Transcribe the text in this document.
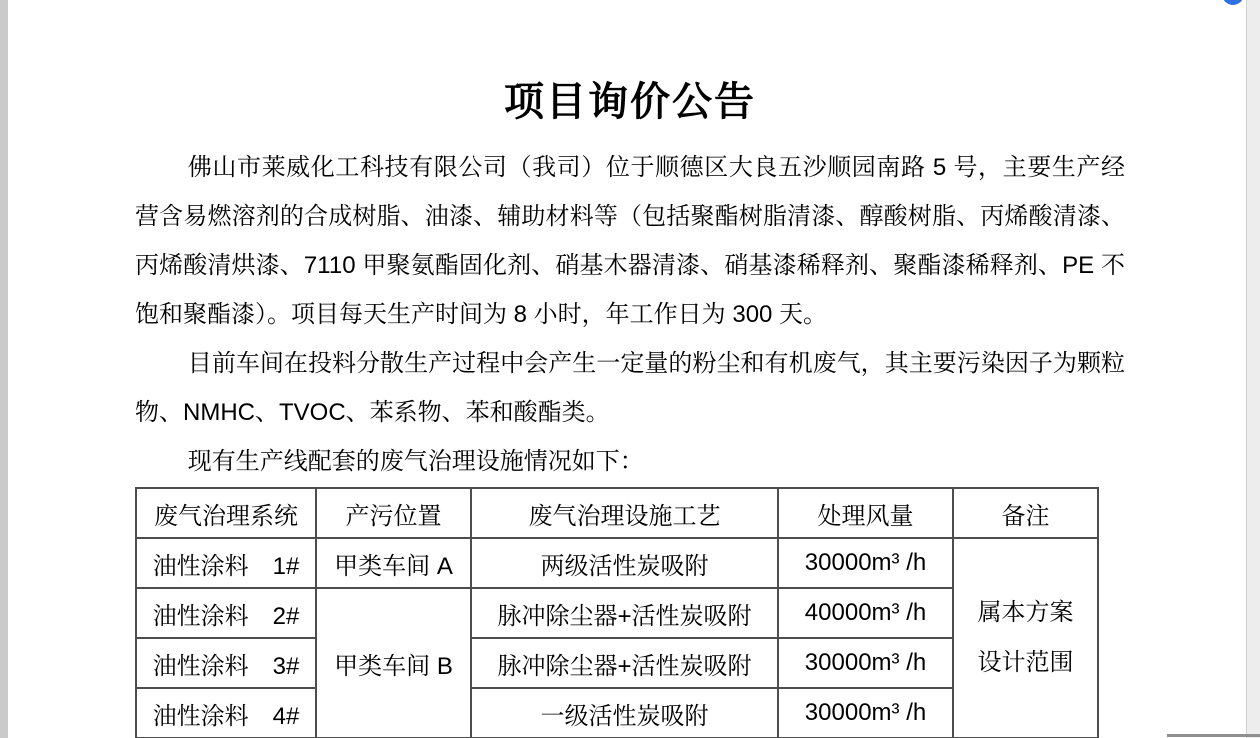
项目询价公告

佛山市莱威化工科技有限公司（我司）位于顺德区大良五沙顺园南路 5 号，主要生产经营含易燃溶剂的合成树脂、油漆、辅助材料等（包括聚酯树脂清漆、醇酸树脂、丙烯酸清漆、丙烯酸清烘漆、7110 甲聚氨酯固化剂、硝基木器清漆、硝基漆稀释剂、聚酯漆稀释剂、PE 不饱和聚酯漆）。项目每天生产时间为 8 小时，年工作日为 300 天。

目前车间在投料分散生产过程中会产生一定量的粉尘和有机废气，其主要污染因子为颗粒物、NMHC、TVOC、苯系物、苯和酸酯类。

现有生产线配套的废气治理设施情况如下：

废气治理系统	产污位置	废气治理设施工艺	处理风量	备注
油性涂料 1#	甲类车间 A	两级活性炭吸附	30000m³ /h	属本方案
设计范围

油性涂料 2#	甲类车间 B	脉冲除尘器+活性炭吸附	40000m³ /h	
油性涂料 3#		脉冲除尘器+活性炭吸附	30000m³ /h	
油性涂料 4#		一级活性炭吸附	30000m³ /h	
